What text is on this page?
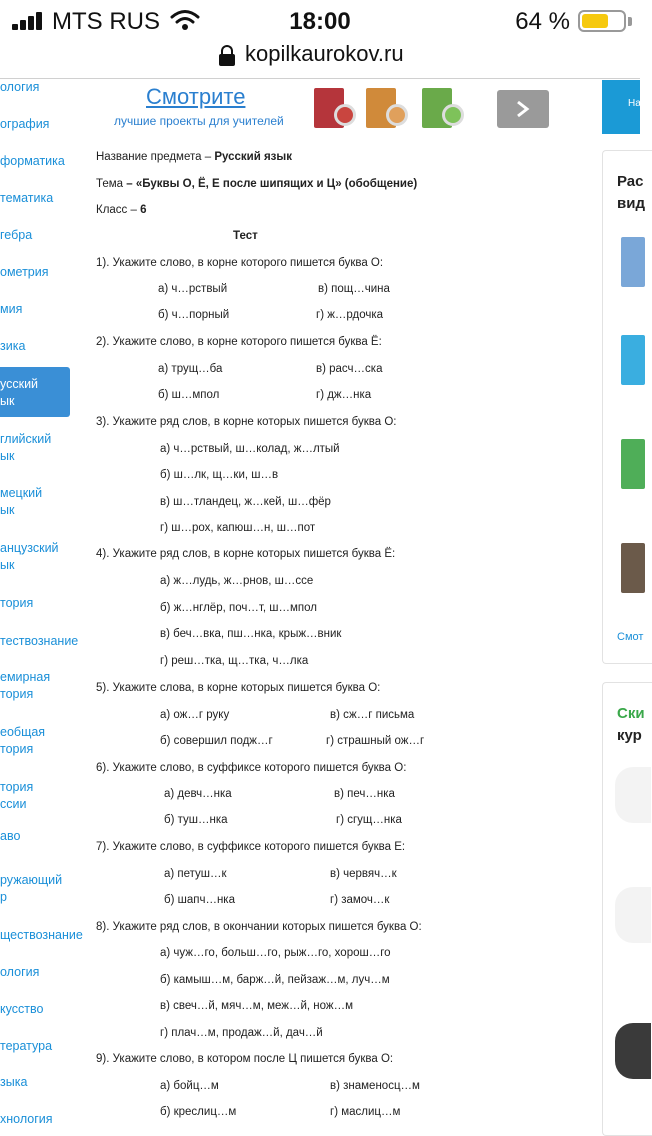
MTS RUS	18:00	64 %
kopilkaurokov.ru
ология
ография
форматика
тематика
гебра
ометрия
мия
зика
усский
ык
глийский
ык
мецкий
ык
анцузский
ык
тория
тествознание
емирная
тория
еобщая
тория
тория
ссии
аво
ружающий
р
ществознание
ология
кусство
тература
зыка
хнология
Смотрите
лучшие проекты для учителей
На
Рас
вид
Смот
Ски
кур
Название предмета – Русский язык
Тема – «Буквы О, Ё, Е после шипящих и Ц» (обобщение)
Класс – 6
Тест
1). Укажите слово, в корне которого пишется буква О:
а) ч…рствый	в) пощ…чина
б) ч…порный	г) ж…рдочка
2). Укажите слово, в корне которого пишется буква Ё:
а) трущ…ба	в) расч…ска
б) ш…мпол	г) дж…нка
3). Укажите ряд слов, в корне которых пишется буква О:
а) ч…рствый, ш…колад, ж…лтый
б) ш…лк, щ…ки, ш…в
в) ш…тландец, ж…кей, ш…фёр
г) ш…рох, капюш…н, ш…пот
4). Укажите ряд слов, в корне которых пишется буква Ё:
а) ж…лудь, ж…рнов, ш…ссе
б) ж…нглёр, поч…т, ш…мпол
в) беч…вка, пш…нка, крыж…вник
г) реш…тка, щ…тка, ч…лка
5). Укажите слова, в корне которых пишется буква О:
а) ож…г руку	в) сж…г письма
б) совершил подж…г	г) страшный ож…г
6). Укажите слово, в суффиксе которого пишется буква О:
а) девч…нка	в) печ…нка
б) туш…нка	г) сгущ…нка
7). Укажите слово, в суффиксе которого пишется буква Е:
а) петуш…к	в) червяч…к
б) шапч…нка	г) замоч…к
8). Укажите ряд слов, в окончании которых пишется буква О:
а) чуж…го, больш…го, рыж…го, хорош…го
б) камыш…м, барж…й, пейзаж…м, луч…м
в) свеч…й, мяч…м, меж…й, нож…м
г) плач…м, продаж…й, дач…й
9). Укажите слово, в котором после Ц пишется буква О:
а) бойц…м	в) знаменосц…м
б) креслиц…м	г) маслиц…м
